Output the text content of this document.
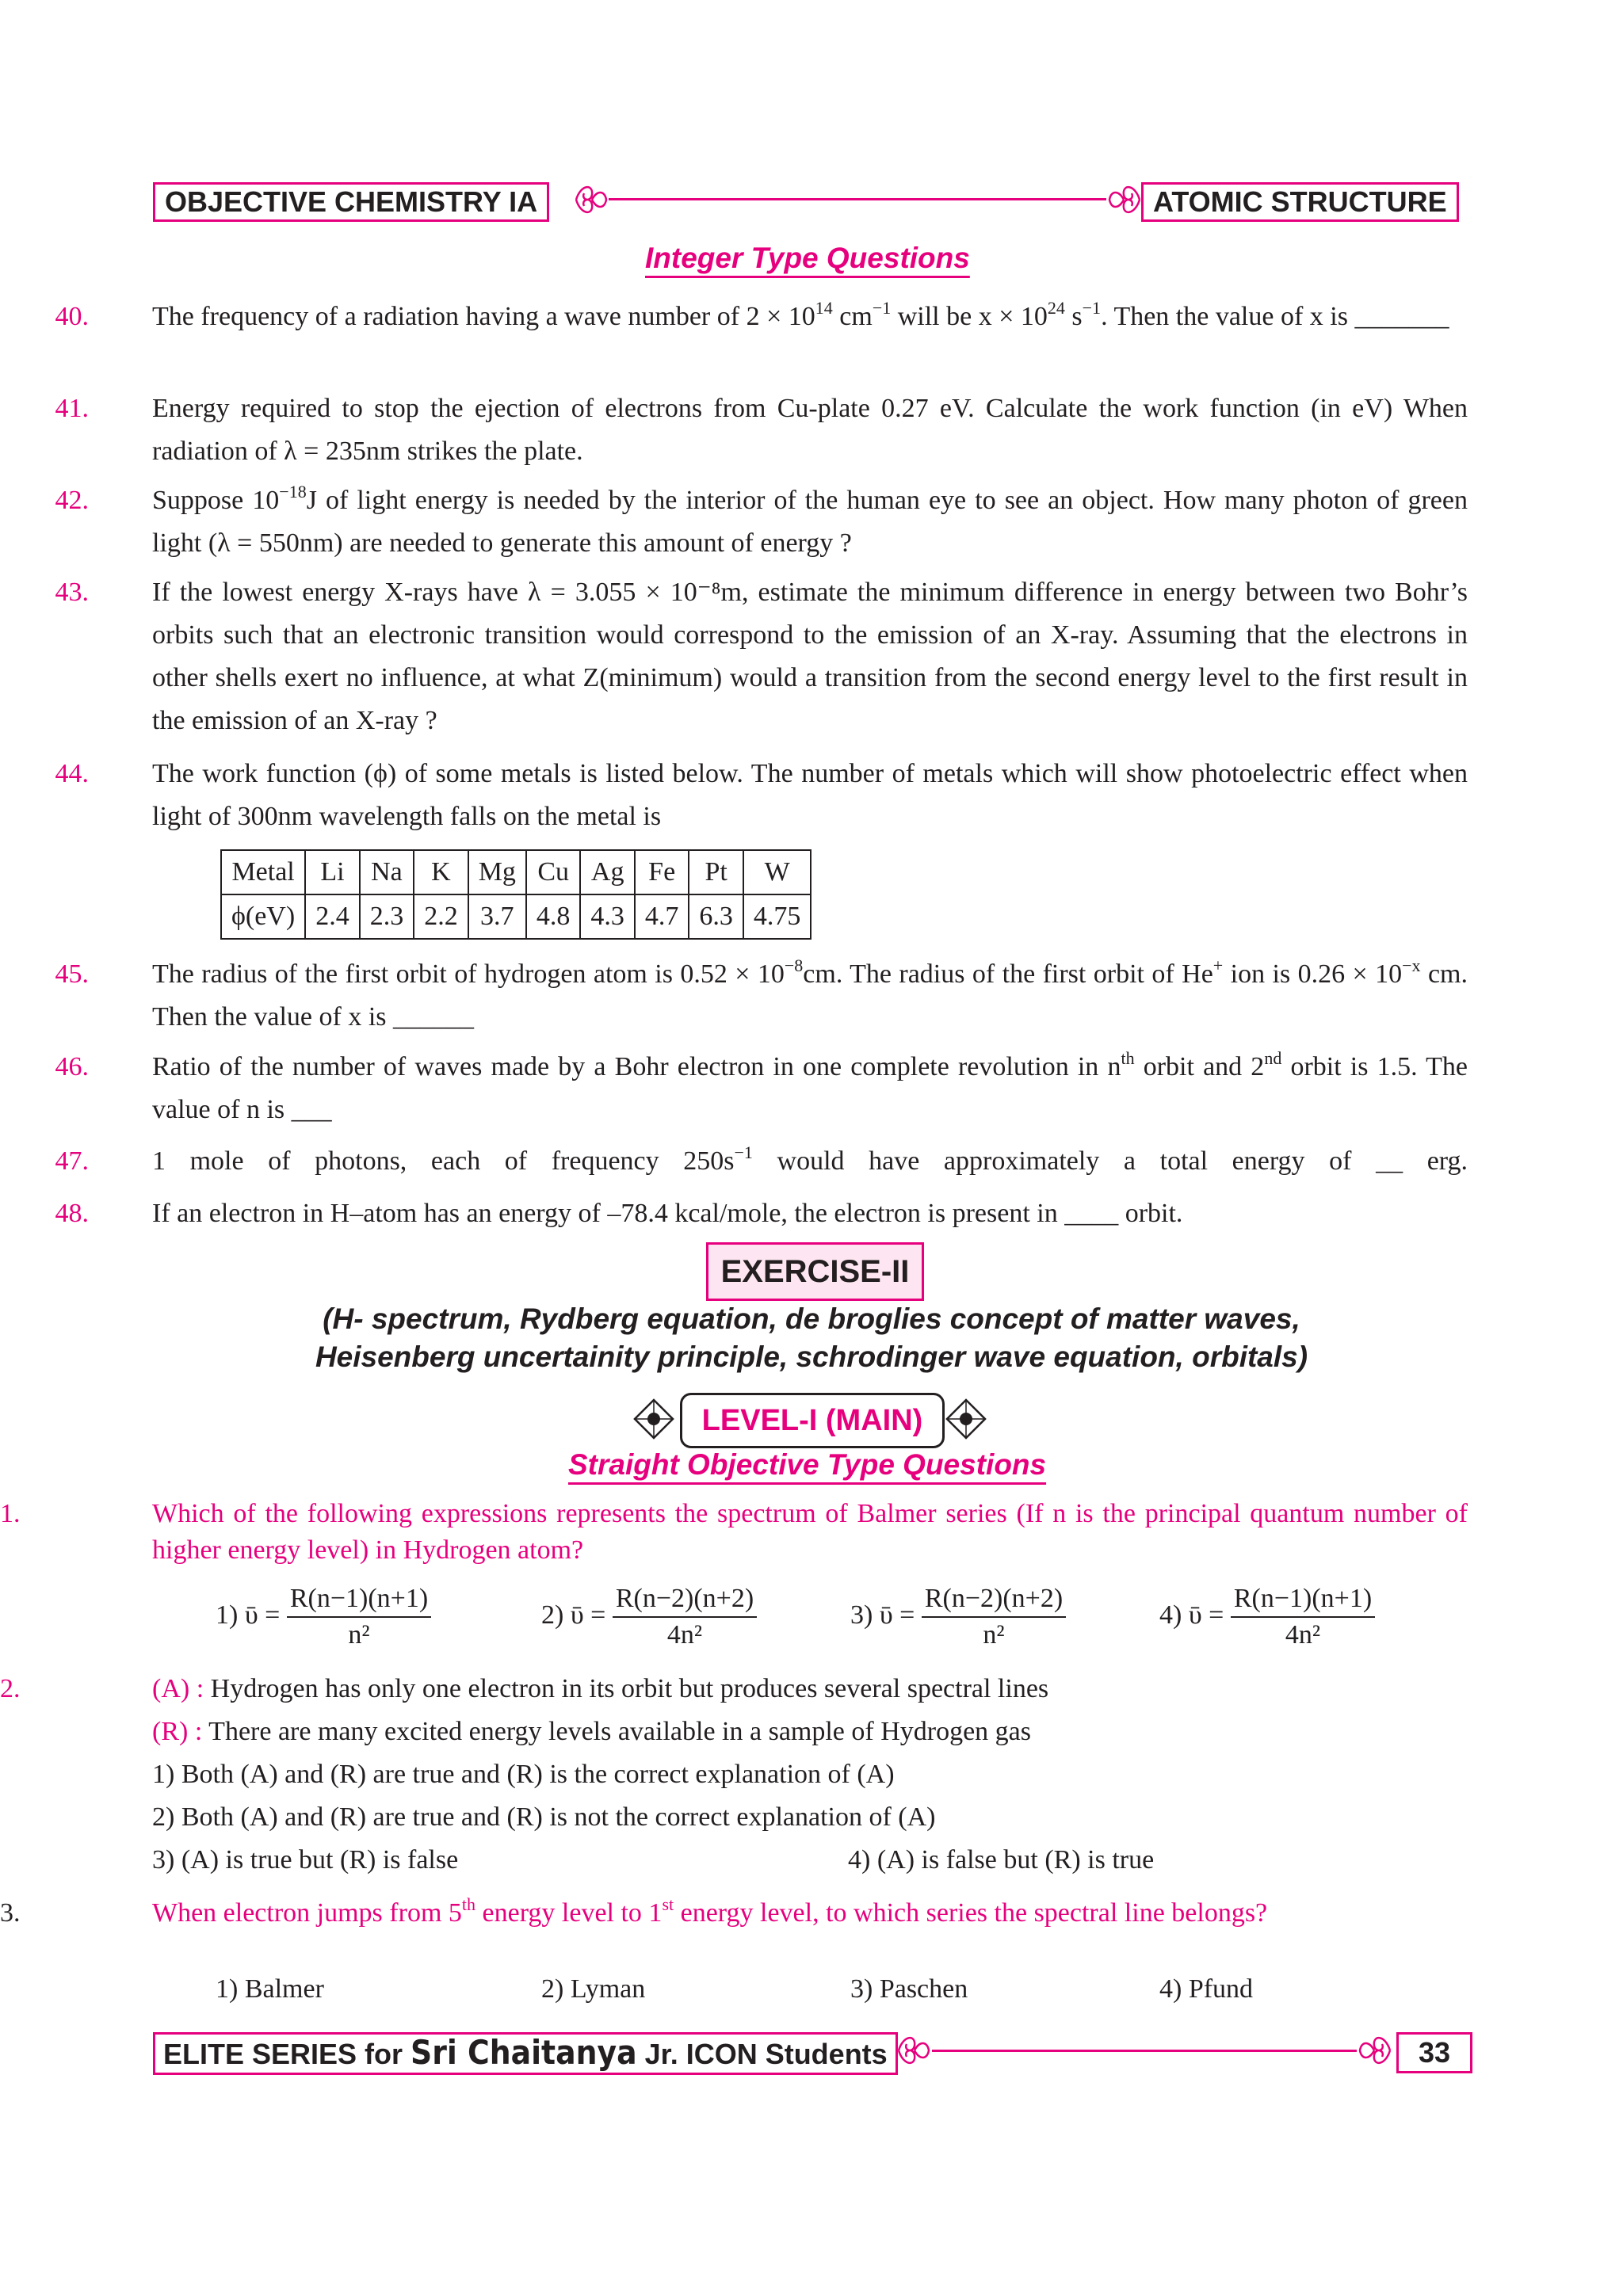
OBJECTIVE CHEMISTRY IA	ATOMIC STRUCTURE
Integer Type Questions
40. The frequency of a radiation having a wave number of $2 \times 10^{14}$ $cm^{-1}$ will be $x \times 10^{24}$ $s^{-1}$. Then the value of x is _______

41. Energy required to stop the ejection of electrons from Cu-plate 0.27 eV. Calculate the work function (in eV) When radiation of λ = 235nm strikes the plate.

42. Suppose $10^{-18}J$ of light energy is needed by the interior of the human eye to see an object. How many photon of green light (λ = 550nm) are needed to generate this amount of energy ?

43. If the lowest energy X-rays have λ = 3.055 × 10⁻⁸m, estimate the minimum difference in energy between two Bohr’s orbits such that an electronic transition would correspond to the emission of an X-ray. Assuming that the electrons in other shells exert no influence, at what Z(minimum) would a transition from the second energy level to the first result in the emission of an X-ray ?

44. The work function (ϕ) of some metals is listed below. The number of metals which will show photoelectric effect when light of 300nm wavelength falls on the metal is

Metal	Li	Na	K	Mg	Cu	Ag	Fe	Pt	W
ϕ(eV)	2.4	2.3	2.2	3.7	4.8	4.3	4.7	6.3	4.75
45. The radius of the first orbit of hydrogen atom is $0.52 \times 10^{-8}cm$. The radius of the first orbit of He+ ion is $0.26 \times 10^{-x}$ cm. Then the value of x is ______

46. Ratio of the number of waves made by a Bohr electron in one complete revolution in $n^{th}$ orbit and 2nd orbit is 1.5. The value of n is ___

47. 1 mole of photons, each of frequency $250s^{-1}$ would have approximately a total energy of __ erg.

48. If an electron in H–atom has an energy of –78.4 kcal/mole, the electron is present in ____ orbit.

EXERCISE-II
(H- spectrum, Rydberg equation, de broglies concept of matter waves,
Heisenberg uncertainity principle, schrodinger wave equation, orbitals)
LEVEL-I (MAIN)
Straight Objective Type Questions
1.	Which of the following expressions represents the spectrum of Balmer series (If n is the principal quantum number of higher energy level) in Hydrogen atom?

1) ῡ = $\frac{R(n-1)(n+1)}{\text{n²}}$	2) ῡ = $\frac{R(n-2)(n+2)}{\text{4n²}}$	3) ῡ = $\frac{R(n-2)(n+2)}{\text{n²}}$	4) ῡ = $\frac{R(n-1)(n+1)}{\text{4n²}}$
2.	(A) : Hydrogen has only one electron in its orbit but produces several spectral lines
(R) : There are many excited energy levels available in a sample of Hydrogen gas
1) Both (A) and (R) are true and (R) is the correct explanation of (A)
2) Both (A) and (R) are true and (R) is not the correct explanation of (A)
3) (A) is true but (R) is false	4) (A) is false but (R) is true
3.	When electron jumps from 5th energy level to 1st energy level, to which series the spectral line belongs?

1) Balmer	2) Lyman	3) Paschen	4) Pfund
ELITE SERIES for Sri Chaitanya Jr. ICON Students	33
